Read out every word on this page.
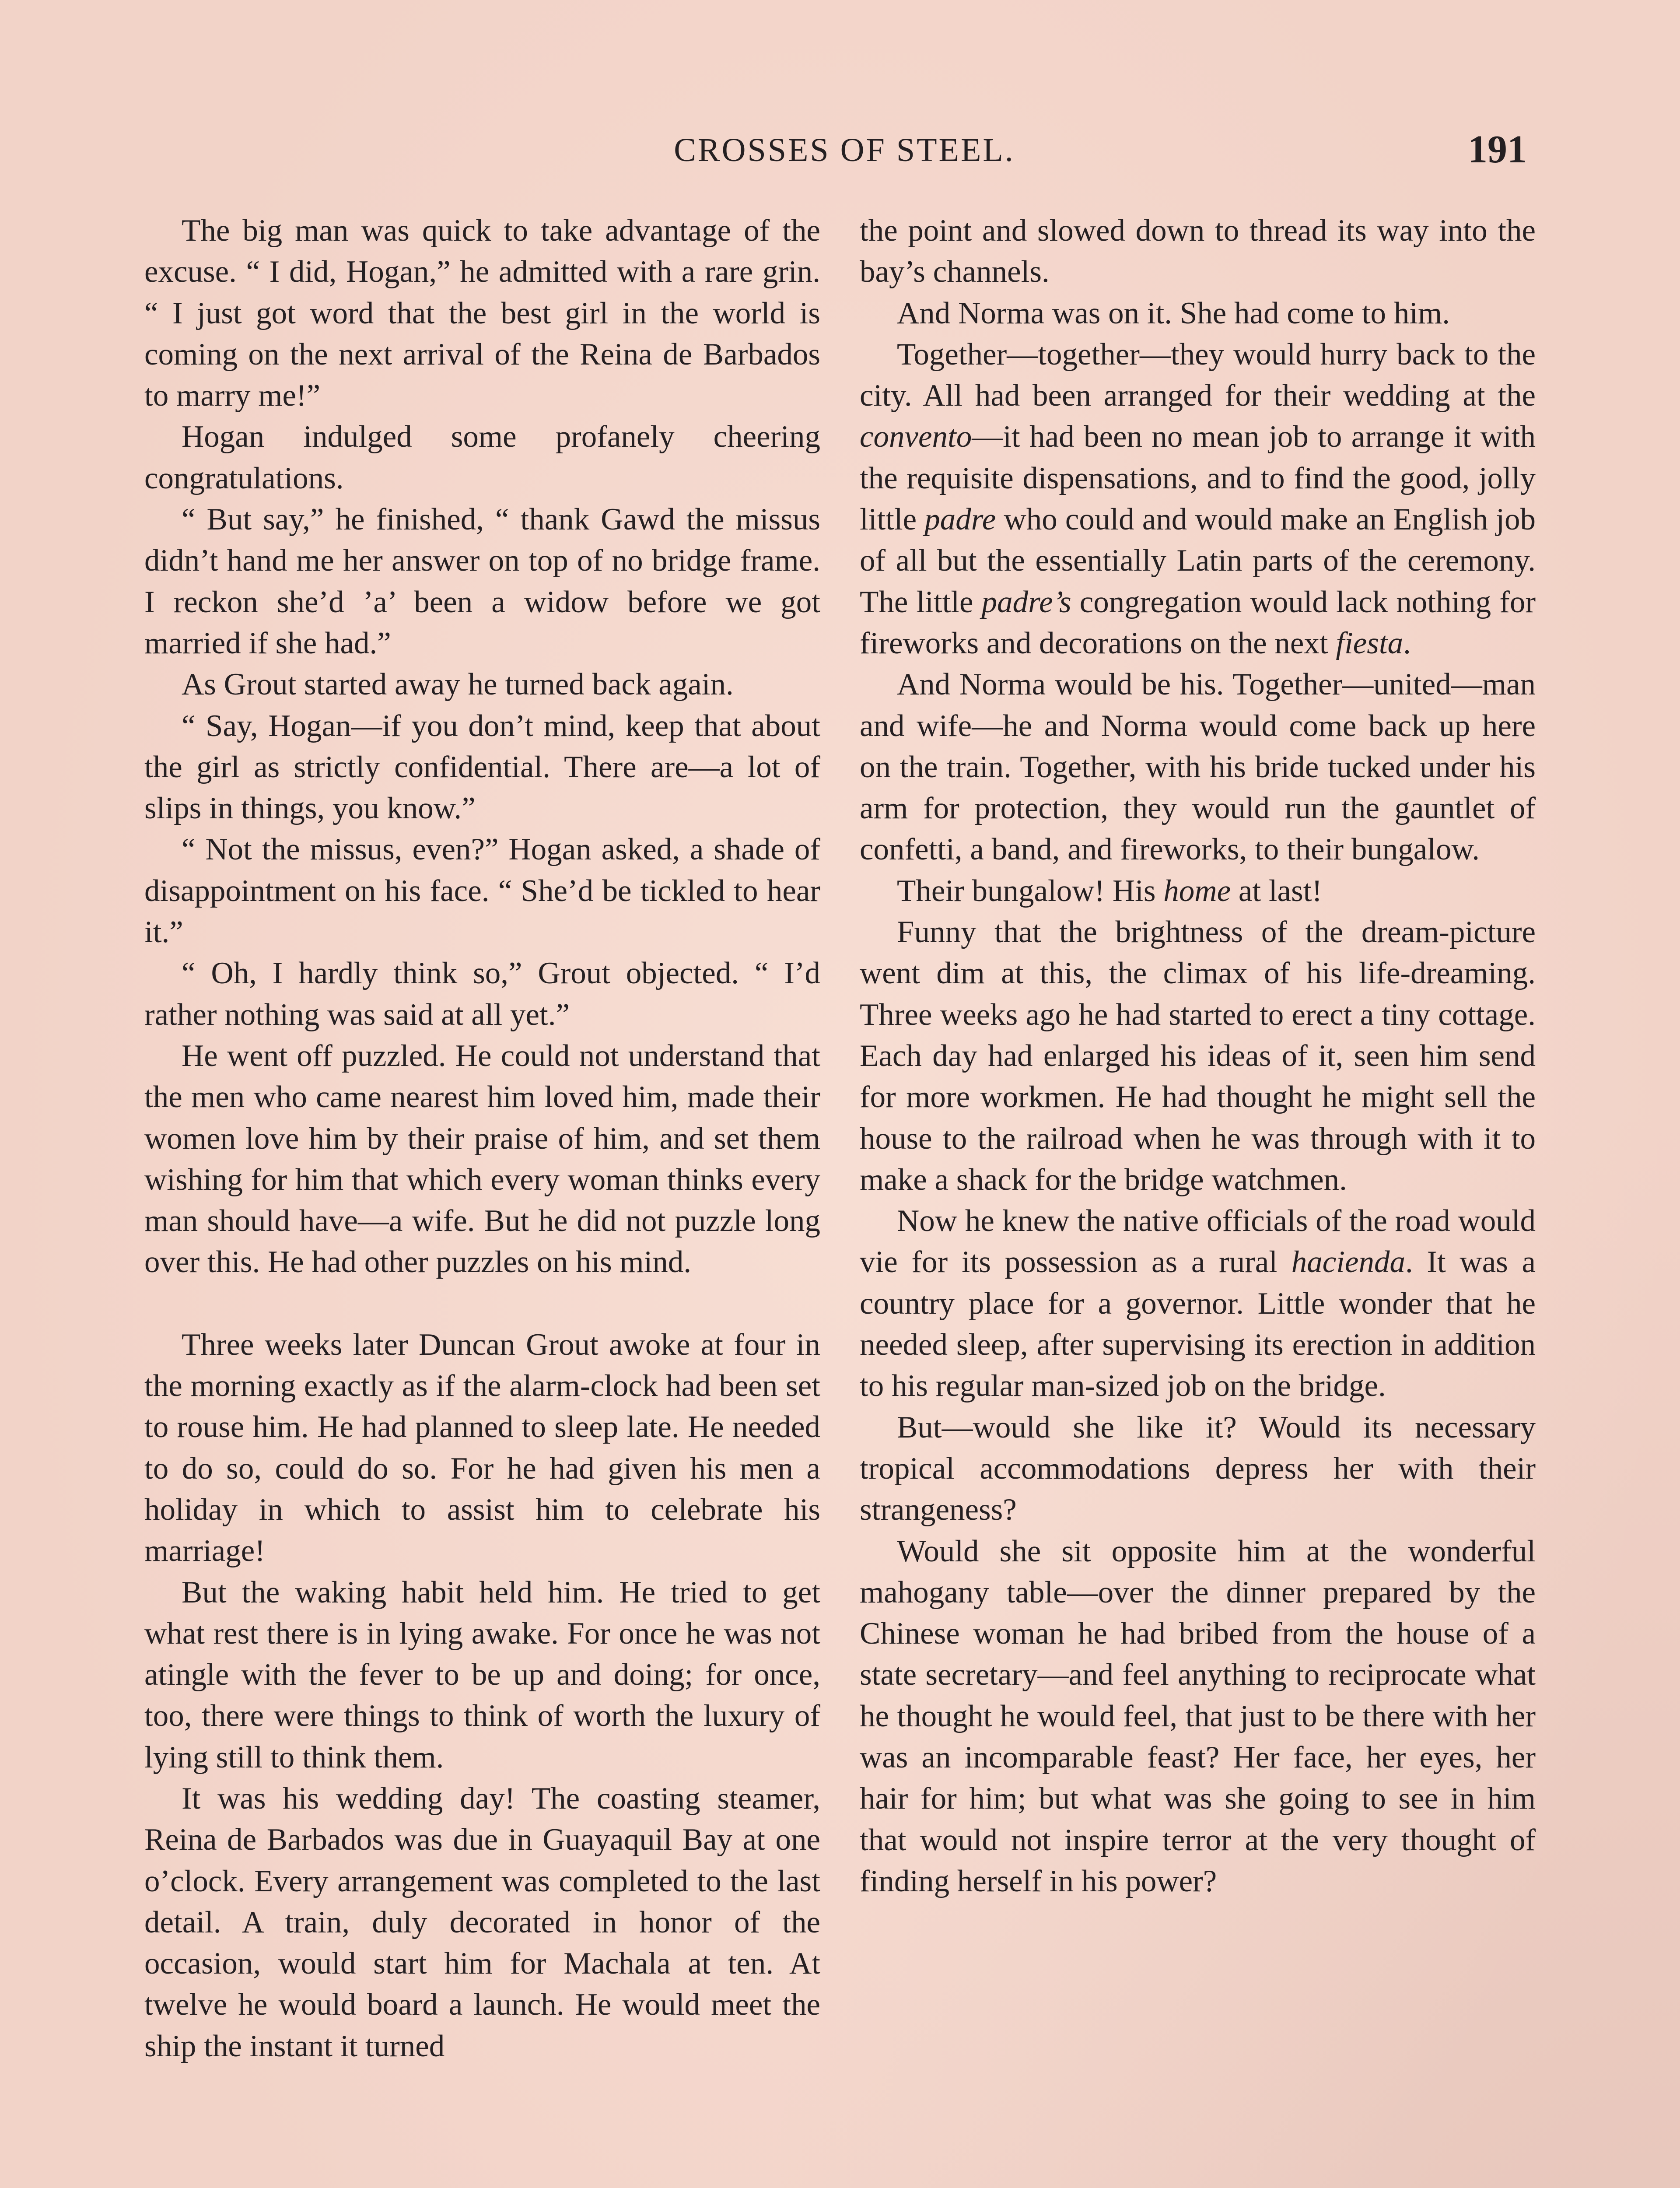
CROSSES OF STEEL.	191

The big man was quick to take advantage of the excuse. “ I did, Hogan,” he admitted with a rare grin. “ I just got word that the best girl in the world is coming on the next arrival of the Reina de Barbados to marry me!”

Hogan indulged some profanely cheering congratulations.

“ But say,” he finished, “ thank Gawd the missus didn’t hand me her answer on top of no bridge frame. I reckon she’d ’a’ been a widow before we got married if she had.”

As Grout started away he turned back again.

“ Say, Hogan—if you don’t mind, keep that about the girl as strictly confidential. There are—a lot of slips in things, you know.”

“ Not the missus, even?” Hogan asked, a shade of disappointment on his face. “ She’d be tickled to hear it.”

“ Oh, I hardly think so,” Grout objected. “ I’d rather nothing was said at all yet.”

He went off puzzled. He could not understand that the men who came nearest him loved him, made their women love him by their praise of him, and set them wishing for him that which every woman thinks every man should have—a wife. But he did not puzzle long over this. He had other puzzles on his mind.

Three weeks later Duncan Grout awoke at four in the morning exactly as if the alarm-clock had been set to rouse him. He had planned to sleep late. He needed to do so, could do so. For he had given his men a holiday in which to assist him to celebrate his marriage!

But the waking habit held him. He tried to get what rest there is in lying awake. For once he was not atingle with the fever to be up and doing; for once, too, there were things to think of worth the luxury of lying still to think them.

It was his wedding day! The coasting steamer, Reina de Barbados was due in Guayaquil Bay at one o’clock. Every arrangement was completed to the last detail. A train, duly decorated in honor of the occasion, would start him for Machala at ten. At twelve he would board a launch. He would meet the ship the instant it turned

the point and slowed down to thread its way into the bay’s channels.

And Norma was on it. She had come to him.

Together—together—they would hurry back to the city. All had been arranged for their wedding at the convento—it had been no mean job to arrange it with the requisite dispensations, and to find the good, jolly little padre who could and would make an English job of all but the essentially Latin parts of the ceremony. The little padre’s congregation would lack nothing for fireworks and decorations on the next fiesta.

And Norma would be his. Together—united—man and wife—he and Norma would come back up here on the train. Together, with his bride tucked under his arm for protection, they would run the gauntlet of confetti, a band, and fireworks, to their bungalow.

Their bungalow! His home at last!

Funny that the brightness of the dream-picture went dim at this, the climax of his life-dreaming. Three weeks ago he had started to erect a tiny cottage. Each day had enlarged his ideas of it, seen him send for more workmen. He had thought he might sell the house to the railroad when he was through with it to make a shack for the bridge watchmen.

Now he knew the native officials of the road would vie for its possession as a rural hacienda. It was a country place for a governor. Little wonder that he needed sleep, after supervising its erection in addition to his regular man-sized job on the bridge.

But—would she like it? Would its necessary tropical accommodations depress her with their strangeness?

Would she sit opposite him at the wonderful mahogany table—over the dinner prepared by the Chinese woman he had bribed from the house of a state secretary—and feel anything to reciprocate what he thought he would feel, that just to be there with her was an incomparable feast? Her face, her eyes, her hair for him; but what was she going to see in him that would not inspire terror at the very thought of finding herself in his power?
